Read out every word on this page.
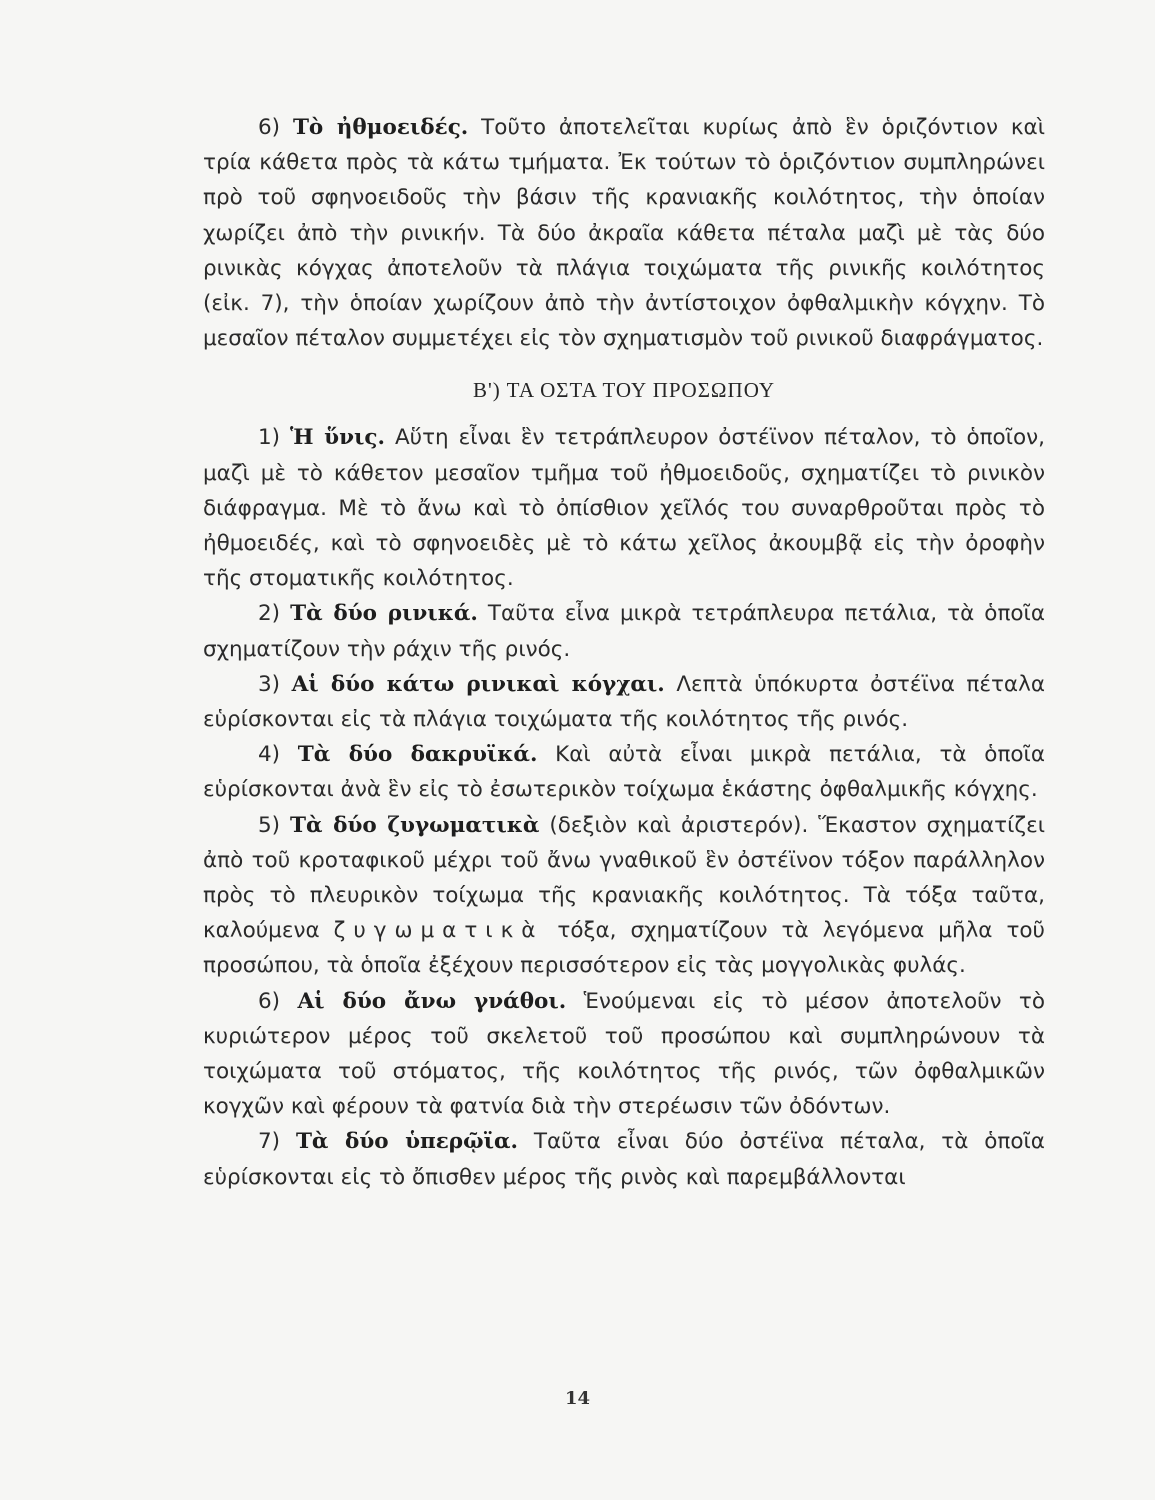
6) Τὸ ἠθμοειδές. Τοῦτο ἀποτελεῖται κυρίως ἀπὸ ἓν ὁριζόντιον καὶ τρία κάθετα πρὸς τὰ κάτω τμήματα. Ἐκ τούτων τὸ ὁριζόντιον συμπληρώνει πρὸ τοῦ σφηνοειδοῦς τὴν βάσιν τῆς κρανιακῆς κοιλότητος, τὴν ὁποίαν χωρίζει ἀπὸ τὴν ρινικήν. Τὰ δύο ἀκραῖα κάθετα πέταλα μαζὶ μὲ τὰς δύο ρινικὰς κόγχας ἀποτελοῦν τὰ πλάγια τοιχώματα τῆς ρινικῆς κοιλότητος (εἰκ. 7), τὴν ὁποίαν χωρίζουν ἀπὸ τὴν ἀντίστοιχον ὀφθαλμικὴν κόγχην. Τὸ μεσαῖον πέταλον συμμετέχει εἰς τὸν σχηματισμὸν τοῦ ρινικοῦ διαφράγματος.

Β') ΤΑ ΟΣΤΑ ΤΟΥ ΠΡΟΣΩΠΟΥ

1) Ἡ ὕνις. Αὕτη εἶναι ἓν τετράπλευρον ὀστέϊνον πέταλον, τὸ ὁποῖον, μαζὶ μὲ τὸ κάθετον μεσαῖον τμῆμα τοῦ ἠθμοειδοῦς, σχηματίζει τὸ ρινικὸν διάφραγμα. Μὲ τὸ ἄνω καὶ τὸ ὀπίσθιον χεῖλός του συναρθροῦται πρὸς τὸ ἠθμοειδές, καὶ τὸ σφηνοειδὲς μὲ τὸ κάτω χεῖλος ἀκουμβᾷ εἰς τὴν ὀροφὴν τῆς στοματικῆς κοιλότητος.

2) Τὰ δύο ρινικά. Ταῦτα εἶνα μικρὰ τετράπλευρα πετάλια, τὰ ὁποῖα σχηματίζουν τὴν ράχιν τῆς ρινός.

3) Αἱ δύο κάτω ρινικαὶ κόγχαι. Λεπτὰ ὑπόκυρτα ὀστέϊνα πέταλα εὑρίσκονται εἰς τὰ πλάγια τοιχώματα τῆς κοιλότητος τῆς ρινός.

4) Τὰ δύο δακρυϊκά. Καὶ αὐτὰ εἶναι μικρὰ πετάλια, τὰ ὁποῖα εὑρίσκονται ἀνὰ ἓν εἰς τὸ ἐσωτερικὸν τοίχωμα ἑκάστης ὀφθαλμικῆς κόγχης.

5) Τὰ δύο ζυγωματικὰ (δεξιὸν καὶ ἀριστερόν). Ἕκαστον σχηματίζει ἀπὸ τοῦ κροταφικοῦ μέχρι τοῦ ἄνω γναθικοῦ ἓν ὀστέϊνον τόξον παράλληλον πρὸς τὸ πλευρικὸν τοίχωμα τῆς κρανιακῆς κοιλότητος. Τὰ τόξα ταῦτα, καλούμενα ζυγωματικὰ τόξα, σχηματίζουν τὰ λεγόμενα μῆλα τοῦ προσώπου, τὰ ὁποῖα ἐξέχουν περισσότερον εἰς τὰς μογγολικὰς φυλάς.

6) Αἱ δύο ἄνω γνάθοι. Ἑνούμεναι εἰς τὸ μέσον ἀποτελοῦν τὸ κυριώτερον μέρος τοῦ σκελετοῦ τοῦ προσώπου καὶ συμπληρώνουν τὰ τοιχώματα τοῦ στόματος, τῆς κοιλότητος τῆς ρινός, τῶν ὀφθαλμικῶν κογχῶν καὶ φέρουν τὰ φατνία διὰ τὴν στερέωσιν τῶν ὀδόντων.

7) Τὰ δύο ὑπερῷϊα. Ταῦτα εἶναι δύο ὀστέϊνα πέταλα, τὰ ὁποῖα εὑρίσκονται εἰς τὸ ὄπισθεν μέρος τῆς ρινὸς καὶ παρεμβάλλονται

14
